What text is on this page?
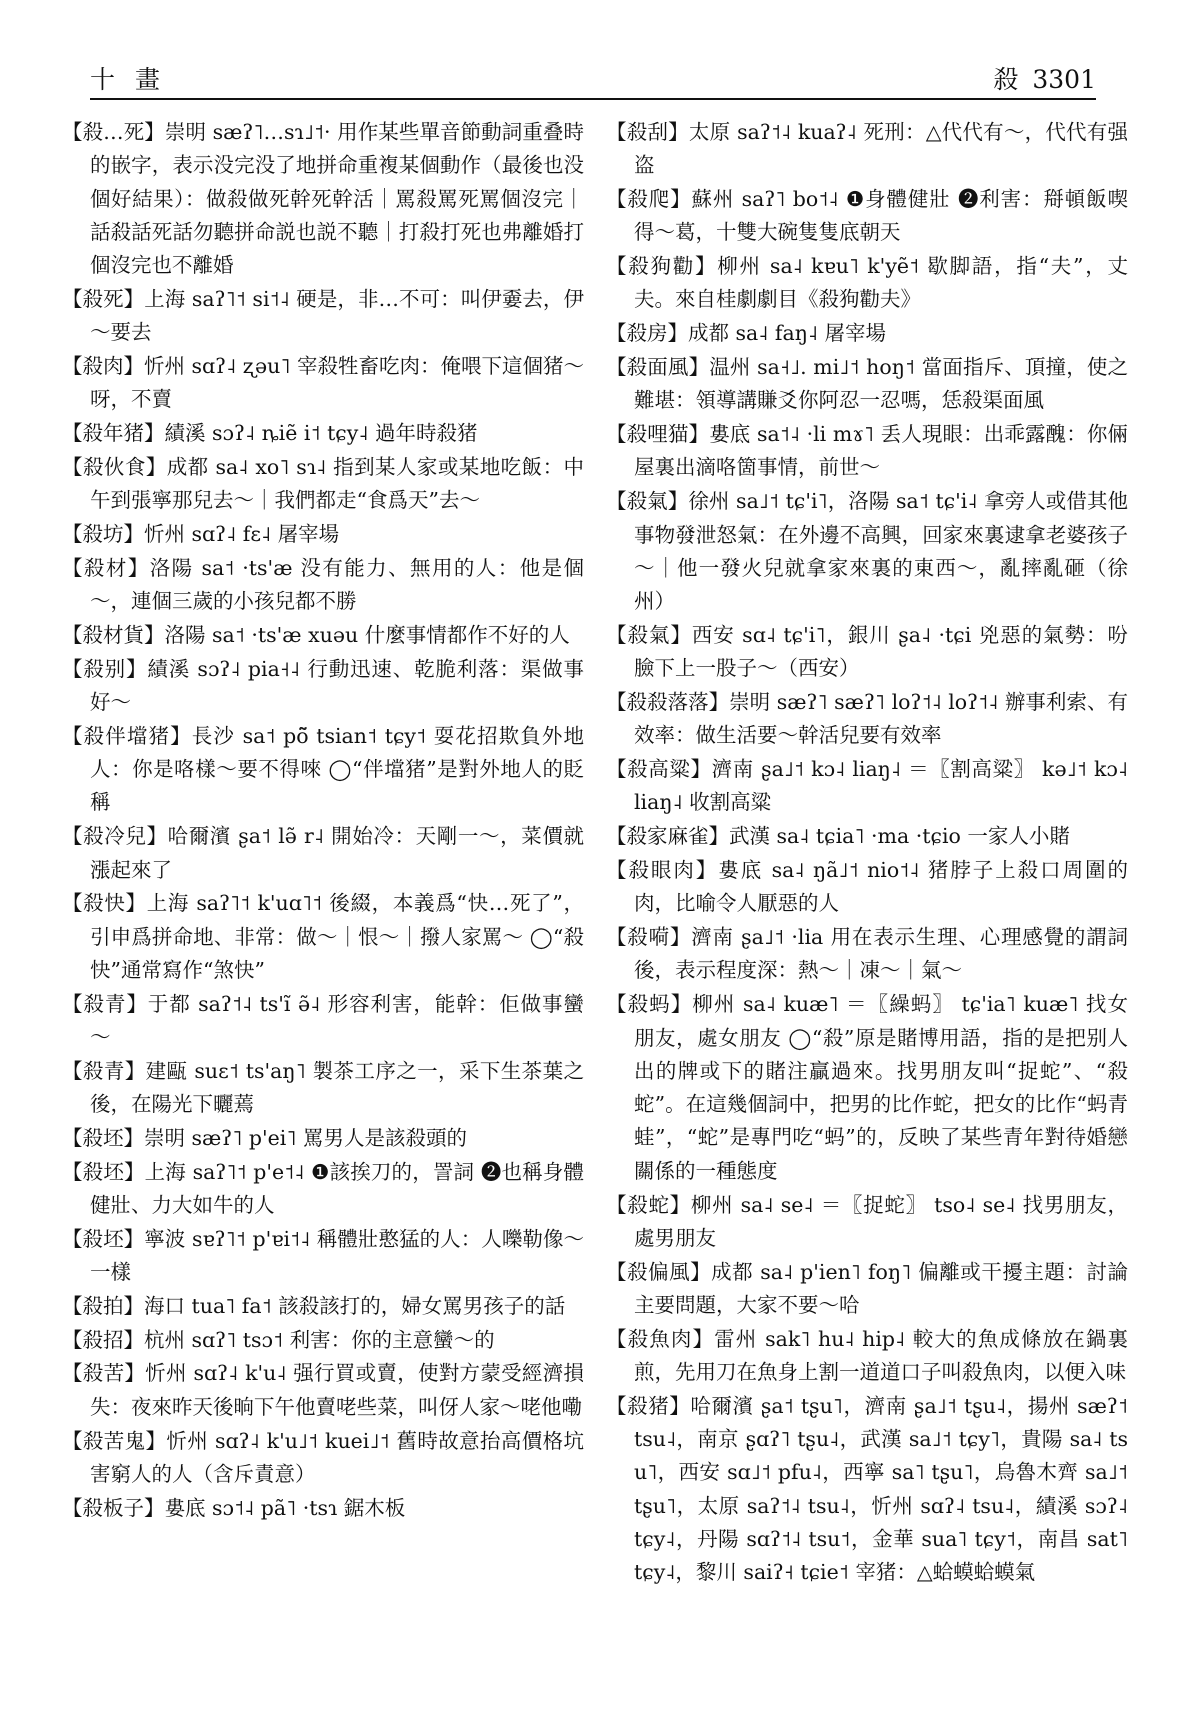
十畫	殺 3301

【殺…死】崇明 sæʔ˥…sɿ˩˦· 用作某些單音節動詞重叠時的嵌字，表示没完没了地拼命重複某個動作（最後也没個好結果）：做殺做死幹死幹活｜罵殺罵死罵個沒完｜話殺話死話勿聽拼命説也説不聽｜打殺打死也弗離婚打個沒完也不離婚

【殺死】上海 saʔ˥˦ si˦˨ 硬是，非…不可：叫伊嫑去，伊～要去

【殺肉】忻州 sɑʔ˨ ʐəu˥ 宰殺牲畜吃肉：俺喂下這個猪～呀，不賣

【殺年猪】績溪 sɔʔ˨ ȵiẽ i˦ tɕy˨ 過年時殺猪

【殺伙食】成都 sa˨ xo˥ sɿ˨ 指到某人家或某地吃飯：中午到張寧那兒去～｜我們都走“食爲天”去～

【殺坊】忻州 sɑʔ˨ fɛ˨ 屠宰場

【殺材】洛陽 sa˦ ·ts'æ 没有能力、無用的人：他是個～，連個三歲的小孩兒都不勝

【殺材貨】洛陽 sa˦ ·ts'æ xuəu 什麼事情都作不好的人

【殺别】績溪 sɔʔ˨ pia˧˨ 行動迅速、乾脆利落：渠做事好～

【殺伴壋猪】長沙 sa˦ põ̃ tsian˦ tɕy˦ 耍花招欺負外地人：你是咯樣～要不得唻 ◯“伴壋猪”是對外地人的貶稱

【殺冷兒】哈爾濱 ʂa˦ lə̃ r˨ 開始冷：天剛一～，菜價就漲起來了

【殺快】上海 saʔ˥˦ k'uɑ˥˦ 後綴，本義爲“快…死了”，引申爲拼命地、非常：做～｜恨～｜撥人家罵～ ◯“殺快”通常寫作“煞快”

【殺青】于都 saʔ˦˨ ts'ĩ ə̃˨ 形容利害，能幹：佢做事蠻～

【殺青】建甌 suɛ˦ ts'aŋ˥ 製茶工序之一，采下生茶葉之後，在陽光下曬蔫

【殺坯】崇明 sæʔ˥ p'ei˥ 罵男人是該殺頭的

【殺坯】上海 saʔ˥˦ p'e˦˨ ❶該挨刀的，詈詞 ❷也稱身體健壯、力大如牛的人

【殺坯】寧波 sɐʔ˥˦ p'ɐi˦˨ 稱體壯憨猛的人：人嚛勒像～一樣

【殺拍】海口 tua˥ fa˦ 該殺該打的，婦女罵男孩子的話

【殺招】杭州 sɑʔ˥ tsɔ˦ 利害：你的主意蠻～的

【殺苦】忻州 sɑʔ˨ k'u˨ 强行買或賣，使對方蒙受經濟損失：夜來昨天後晌下午他賣咾些菜，叫伢人家～咾他嘞

【殺苦鬼】忻州 sɑʔ˨ k'u˩˦ kuei˩˦ 舊時故意抬高價格坑害窮人的人（含斥責意）

【殺板子】婁底 sɔ˦˨ pã˥ ·tsɿ 鋸木板

【殺刮】太原 saʔ˦˨ kuaʔ˨ 死刑：△代代有～，代代有强盗

【殺爬】蘇州 saʔ˥ bo˦˨ ❶身體健壯 ❷利害：搿頓飯喫得～葛，十雙大碗隻隻底朝天

【殺狗勸】柳州 sa˨ kɐu˥ k'yẽ˦ 歇脚語，指“夫”，丈夫。來自桂劇劇目《殺狗勸夫》

【殺房】成都 sa˨ faŋ˨ 屠宰場

【殺面風】温州 sa˧˩. mi˩˦ hoŋ˦ 當面指斥、頂撞，使之難堪：領導講賺爻你阿忍一忍嗎，恁殺渠面風

【殺哩猫】婁底 sa˦˨ ·li mɤ˥ 丢人現眼：出乖露醜：你倆屋裏出滴咯箇事情，前世～

【殺氣】徐州 sa˩˦ tɕ'i˥，洛陽 sa˦ tɕ'i˨ 拿旁人或借其他事物發泄怒氣：在外邊不高興，回家來裏逮拿老婆孩子～｜他一發火兒就拿家來裏的東西～，亂摔亂砸（徐州）

【殺氣】西安 sɑ˨ tɕ'i˥，銀川 ʂa˨ ·tɕi 兇惡的氣勢：吩臉下上一股子～（西安）

【殺殺落落】崇明 sæʔ˥ sæʔ˥ loʔ˦˨ loʔ˦˨ 辦事利索、有效率：做生活要～幹活兒要有效率

【殺高粱】濟南 ʂa˩˦ kɔ˨ liaŋ˨ ＝〖割高粱〗 kə˩˦ kɔ˨ liaŋ˨ 收割高粱

【殺家麻雀】武漢 sa˨ tɕia˥ ·ma ·tɕio 一家人小賭

【殺眼肉】婁底 sa˨ ŋã˩˦ nio˦˨ 猪脖子上殺口周圍的肉，比喻令人厭惡的人

【殺嗬】濟南 ʂa˩˦ ·lia 用在表示生理、心理感覺的謂詞後，表示程度深：熱～｜凍～｜氣～

【殺蚂】柳州 sa˨ kuæ˥ ＝〖繰蚂〗 tɕ'ia˥ kuæ˥ 找女朋友，處女朋友 ◯“殺”原是賭博用語，指的是把别人出的牌或下的賭注贏過來。找男朋友叫“捉蛇”、“殺蛇”。在這幾個詞中，把男的比作蛇，把女的比作“蚂青蛙”，“蛇”是專門吃“蚂”的，反映了某些青年對待婚戀關係的一種態度

【殺蛇】柳州 sa˨ se˨ ＝〖捉蛇〗 tso˨ se˨ 找男朋友，處男朋友

【殺偏風】成都 sa˨ p'ien˥ foŋ˥ 偏離或干擾主題：討論主要問題，大家不要～哈

【殺魚肉】雷州 sak˥ hu˨ hip˨ 較大的魚成條放在鍋裏煎，先用刀在魚身上割一道道口子叫殺魚肉，以便入味

【殺猪】哈爾濱 ʂa˦ tʂu˥，濟南 ʂa˩˦ tʂu˨，揚州 sæʔ˦ tsu˨，南京 ʂɑʔ˥ tʂu˨，武漢 sa˩˦ tɕy˥，貴陽 sa˨ tsu˥，西安 sɑ˩˦ pfu˨，西寧 sa˥ tʂu˥，烏魯木齊 sa˩˦ tʂu˥，太原 saʔ˦˨ tsu˨，忻州 sɑʔ˨ tsu˨，績溪 sɔʔ˨ tɕy˨，丹陽 sɑʔ˦˨ tsu˦，金華 sua˥ tɕy˦，南昌 sat˥ tɕy˨，黎川 saiʔ˧ tɕie˦ 宰猪：△蛤蟆蛤蟆氣
